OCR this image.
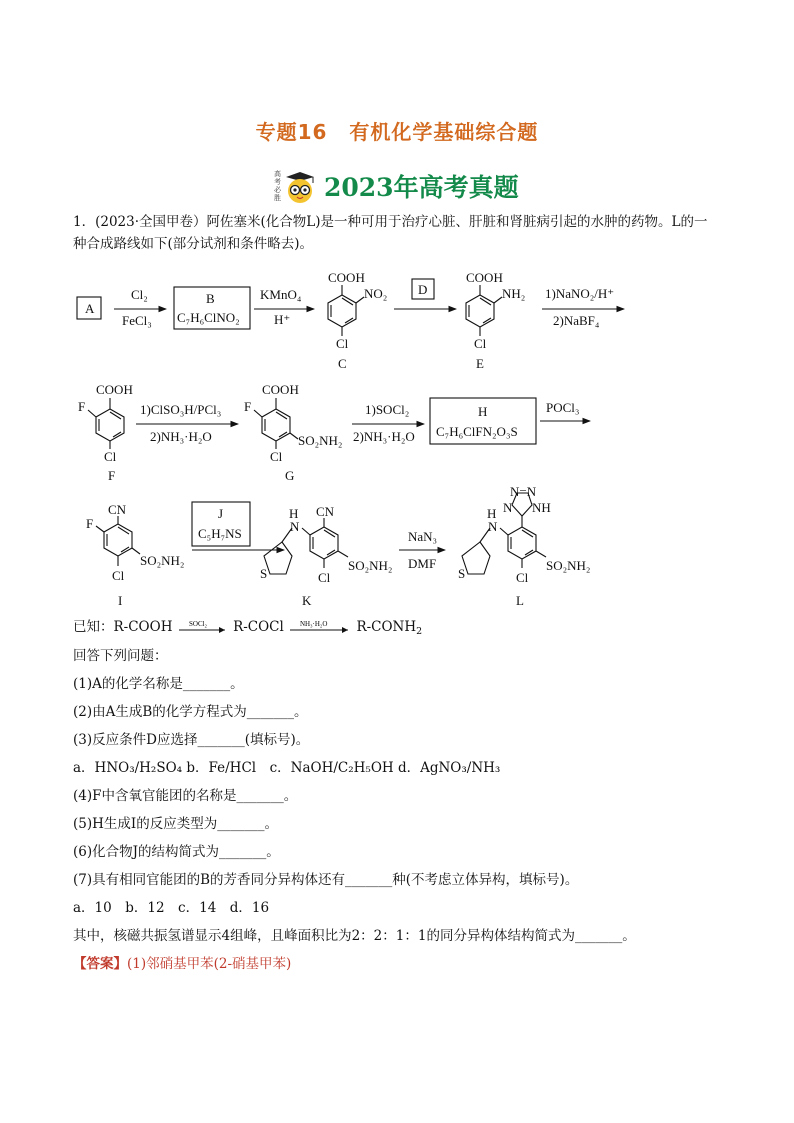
专题16 有机化学基础综合题
高
考
必
胜 2023年高考真题
1．(2023·全国甲卷）阿佐塞米(化合物L)是一种可用于治疗心脏、肝脏和肾脏病引起的水肿的药物。L的一
种合成路线如下(部分试剂和条件略去)。
A
Cl₂
FeCl₃
B
C₇H₆ClNO₂
KMnO₄
H⁺
COOH
NO₂
Cl
C
D
COOH
NH₂
Cl
E
1)NaNO₂/H⁺
2)NaBF₄
COOH
F
Cl
F
1)ClSO₃H/PCl₃
2)NH₃·H₂O
COOH
F
SO₂NH₂
Cl
G
1)SOCl₂
2)NH₃·H₂O
H
C₇H₆ClFN₂O₃S
POCl₃
CN
F
SO₂NH₂
Cl
I
J
C₅H₇NS
H
N
CN
S	Cl
SO₂NH₂
K
NaN₃
DMF
N=N
N NH
H
N
S	Cl
SO₂NH₂
L
已知：R-COOH SOCl₂ R-COCl NH₃·H₂O $R-CONH_2$
回答下列问题：
(1)A的化学名称是_______。
(2)由A生成B的化学方程式为_______。
(3)反应条件D应选择_______(填标号)。
a．HNO₃/H₂SO₄ b．Fe/HCl　c．NaOH/C₂H₅OH d．AgNO₃/NH₃
(4)F中含氧官能团的名称是_______。
(5)H生成I的反应类型为_______。
(6)化合物J的结构简式为_______。
(7)具有相同官能团的B的芳香同分异构体还有_______种(不考虑立体异构，填标号)。
a．10　b．12　c．14　d．16
其中，核磁共振氢谱显示4组峰，且峰面积比为2：2：1：1的同分异构体结构简式为_______。
【答案】(1)邻硝基甲苯(2-硝基甲苯)
